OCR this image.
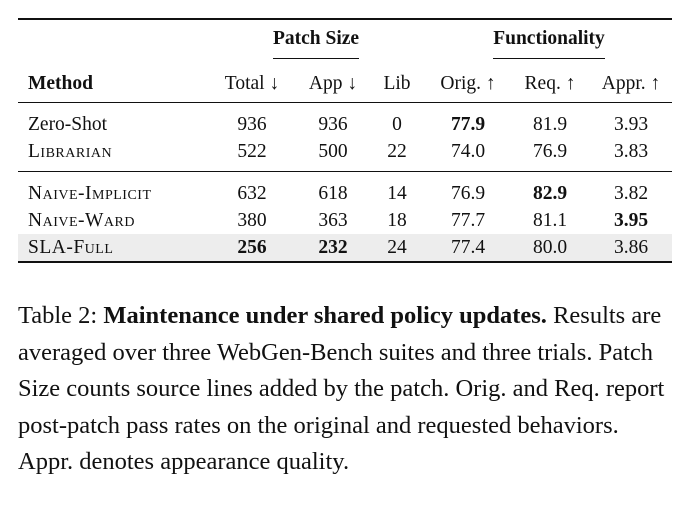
	Patch Size			Functionality		
Method	Total ↓	App ↓	Lib	Orig. ↑	Req. ↑	Appr. ↑
Zero-Shot	936	936	0	77.9	81.9	3.93
Librarian	522	500	22	74.0	76.9	3.83
Naive-Implicit	632	618	14	76.9	82.9	3.82
Naive-Ward	380	363	18	77.7	81.1	3.95
SLA-Full	256	232	24	77.4	80.0	3.86
Table 2: Maintenance under shared policy updates. Results are averaged over three WebGen-Bench suites and three trials. Patch Size counts source lines added by the patch. Orig. and Req. report post-patch pass rates on the original and requested behaviors. Appr. denotes appearance quality.
